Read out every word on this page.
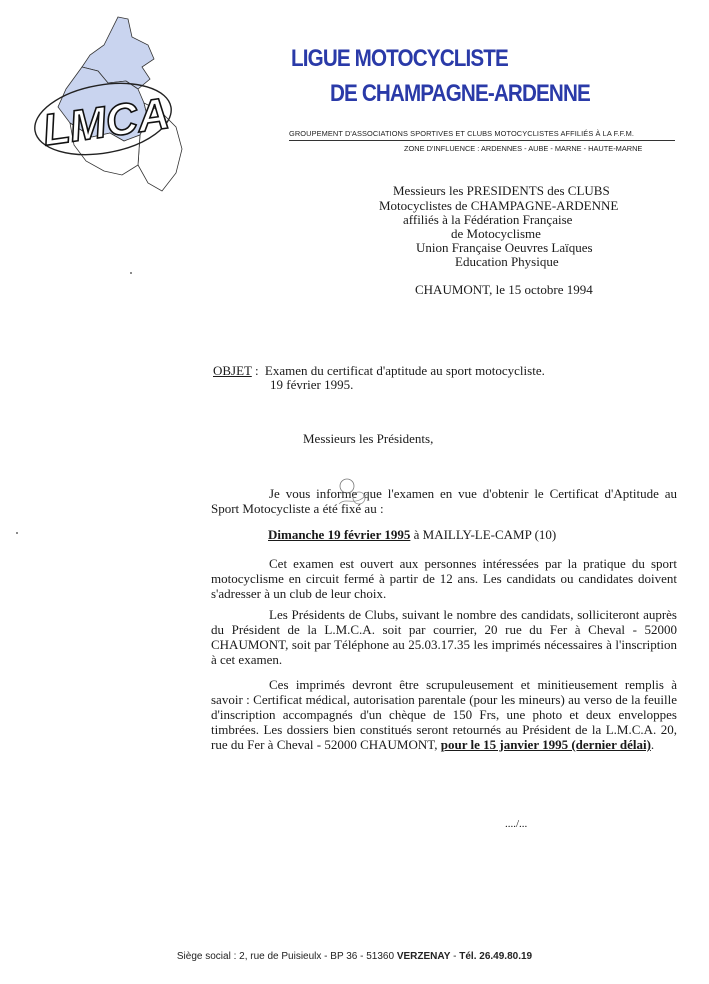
LMCA
LIGUE MOTOCYCLISTE
DE CHAMPAGNE-ARDENNE
GROUPEMENT D'ASSOCIATIONS SPORTIVES ET CLUBS MOTOCYCLISTES AFFILIÉS À LA F.F.M.
ZONE D'INFLUENCE : ARDENNES - AUBE - MARNE - HAUTE-MARNE
Messieurs les PRESIDENTS des CLUBS
Motocyclistes de CHAMPAGNE-ARDENNE
affiliés à la Fédération Française
de Motocyclisme
Union Française Oeuvres Laïques
Education Physique
CHAUMONT, le 15 octobre 1994
OBJET : Examen du certificat d'aptitude au sport motocycliste.
19 février 1995.
Messieurs les Présidents,
Je vous informe que l'examen en vue d'obtenir le Certificat d'Aptitude au Sport Motocycliste a été fixé au :
Dimanche 19 février 1995 à MAILLY-LE-CAMP (10)
Cet examen est ouvert aux personnes intéressées par la pratique du sport motocyclisme en circuit fermé à partir de 12 ans. Les candidats ou candidates doivent s'adresser à un club de leur choix.
Les Présidents de Clubs, suivant le nombre des candidats, solliciteront auprès du Président de la L.M.C.A. soit par courrier, 20 rue du Fer à Cheval - 52000 CHAUMONT, soit par Téléphone au 25.03.17.35 les imprimés nécessaires à l'inscription à cet examen.
Ces imprimés devront être scrupuleusement et minitieusement remplis à savoir : Certificat médical, autorisation parentale (pour les mineurs) au verso de la feuille d'inscription accompagnés d'un chèque de 150 Frs, une photo et deux enveloppes timbrées. Les dossiers bien constitués seront retournés au Président de la L.M.C.A. 20, rue du Fer à Cheval - 52000 CHAUMONT, pour le 15 janvier 1995 (dernier délai).
..../...
Siège social : 2, rue de Puisieulx - BP 36 - 51360 VERZENAY - Tél. 26.49.80.19
